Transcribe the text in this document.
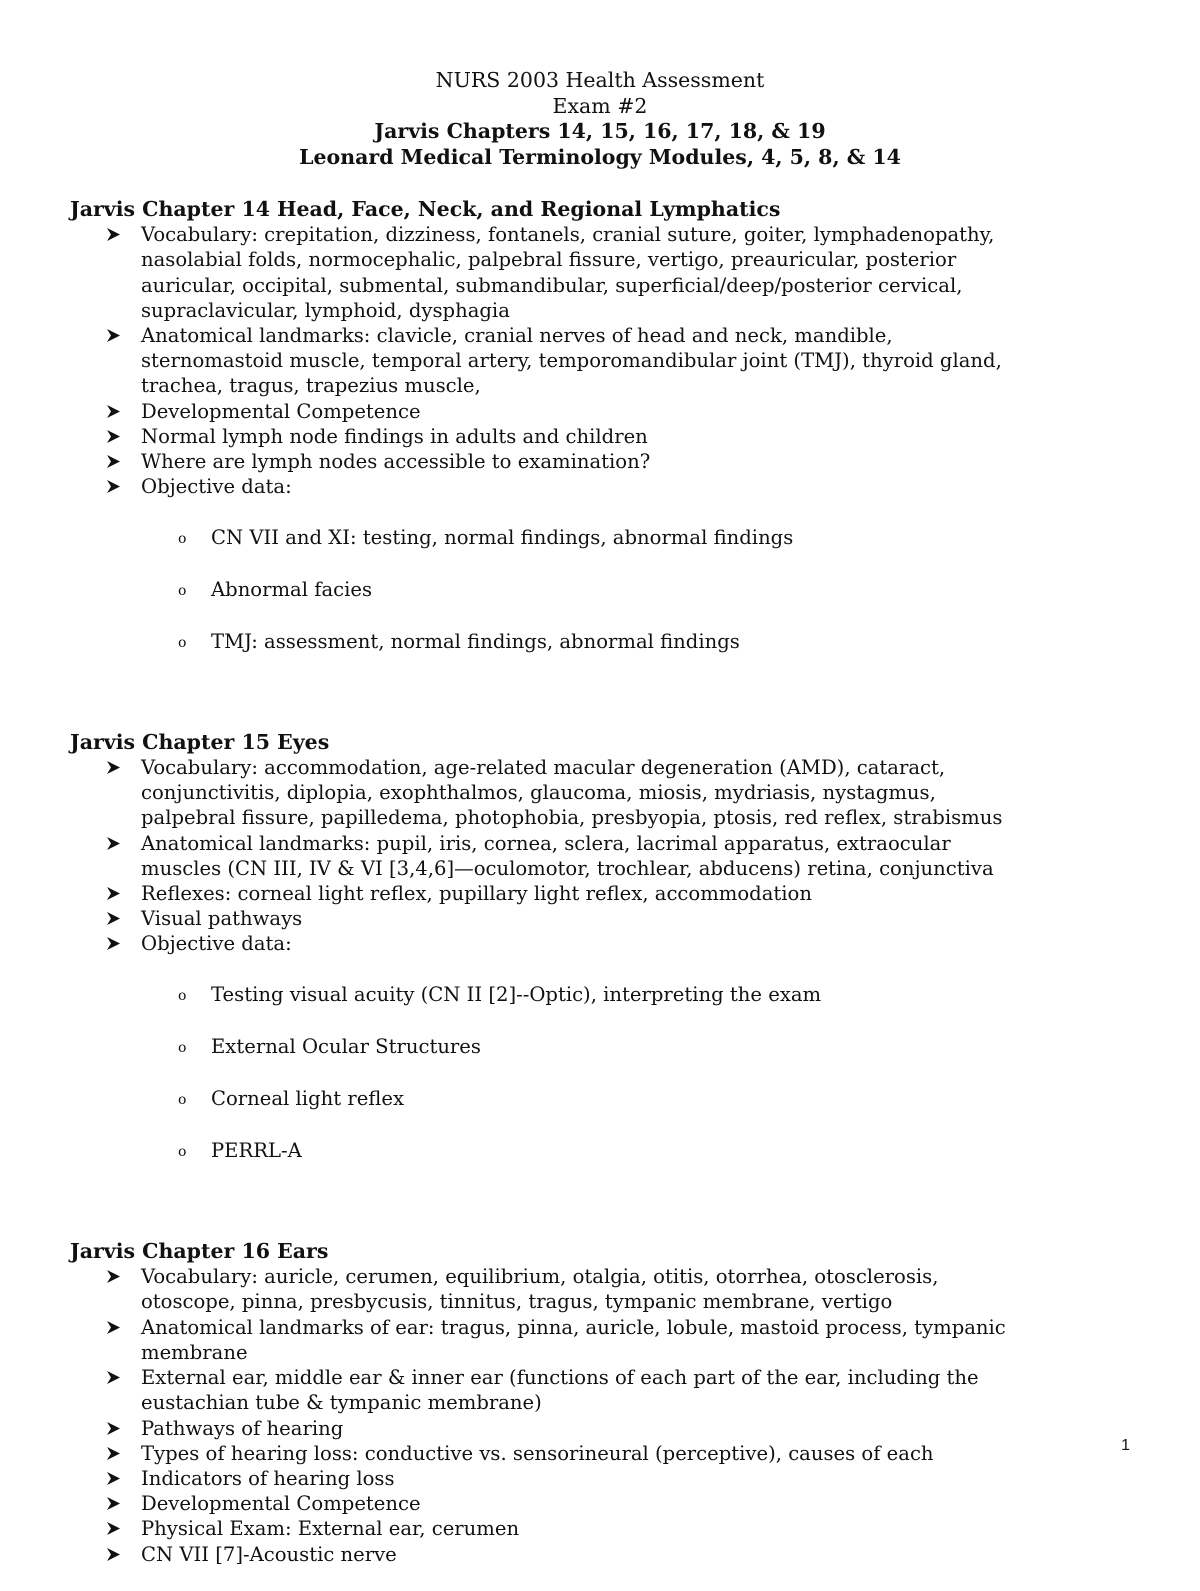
NURS 2003 Health Assessment
Exam #2
Jarvis Chapters 14, 15, 16, 17, 18, & 19
Leonard Medical Terminology Modules, 4, 5, 8, & 14
Jarvis Chapter 14 Head, Face, Neck, and Regional Lymphatics
Vocabulary: crepitation, dizziness, fontanels, cranial suture, goiter, lymphadenopathy,
nasolabial folds, normocephalic, palpebral fissure, vertigo, preauricular, posterior
auricular, occipital, submental, submandibular, superficial/deep/posterior cervical,
supraclavicular, lymphoid, dysphagia
Anatomical landmarks: clavicle, cranial nerves of head and neck, mandible,
sternomastoid muscle, temporal artery, temporomandibular joint (TMJ), thyroid gland,
trachea, tragus, trapezius muscle,
Developmental Competence
Normal lymph node findings in adults and children
Where are lymph nodes accessible to examination?
Objective data:

o CN VII and XI: testing, normal findings, abnormal findings

o Abnormal facies

o TMJ: assessment, normal findings, abnormal findings

Jarvis Chapter 15 Eyes
Vocabulary: accommodation, age-related macular degeneration (AMD), cataract,
conjunctivitis, diplopia, exophthalmos, glaucoma, miosis, mydriasis, nystagmus,
palpebral fissure, papilledema, photophobia, presbyopia, ptosis, red reflex, strabismus
Anatomical landmarks: pupil, iris, cornea, sclera, lacrimal apparatus, extraocular
muscles (CN III, IV & VI [3,4,6]—oculomotor, trochlear, abducens) retina, conjunctiva
Reflexes: corneal light reflex, pupillary light reflex, accommodation
Visual pathways
Objective data:

o Testing visual acuity (CN II [2]--Optic), interpreting the exam

o External Ocular Structures

o Corneal light reflex

o PERRL-A

Jarvis Chapter 16 Ears
Vocabulary: auricle, cerumen, equilibrium, otalgia, otitis, otorrhea, otosclerosis,
otoscope, pinna, presbycusis, tinnitus, tragus, tympanic membrane, vertigo
Anatomical landmarks of ear: tragus, pinna, auricle, lobule, mastoid process, tympanic
membrane
External ear, middle ear & inner ear (functions of each part of the ear, including the
eustachian tube & tympanic membrane)
Pathways of hearing
Types of hearing loss: conductive vs. sensorineural (perceptive), causes of each
Indicators of hearing loss
Developmental Competence
Physical Exam: External ear, cerumen
CN VII [7]-Acoustic nerve
1
